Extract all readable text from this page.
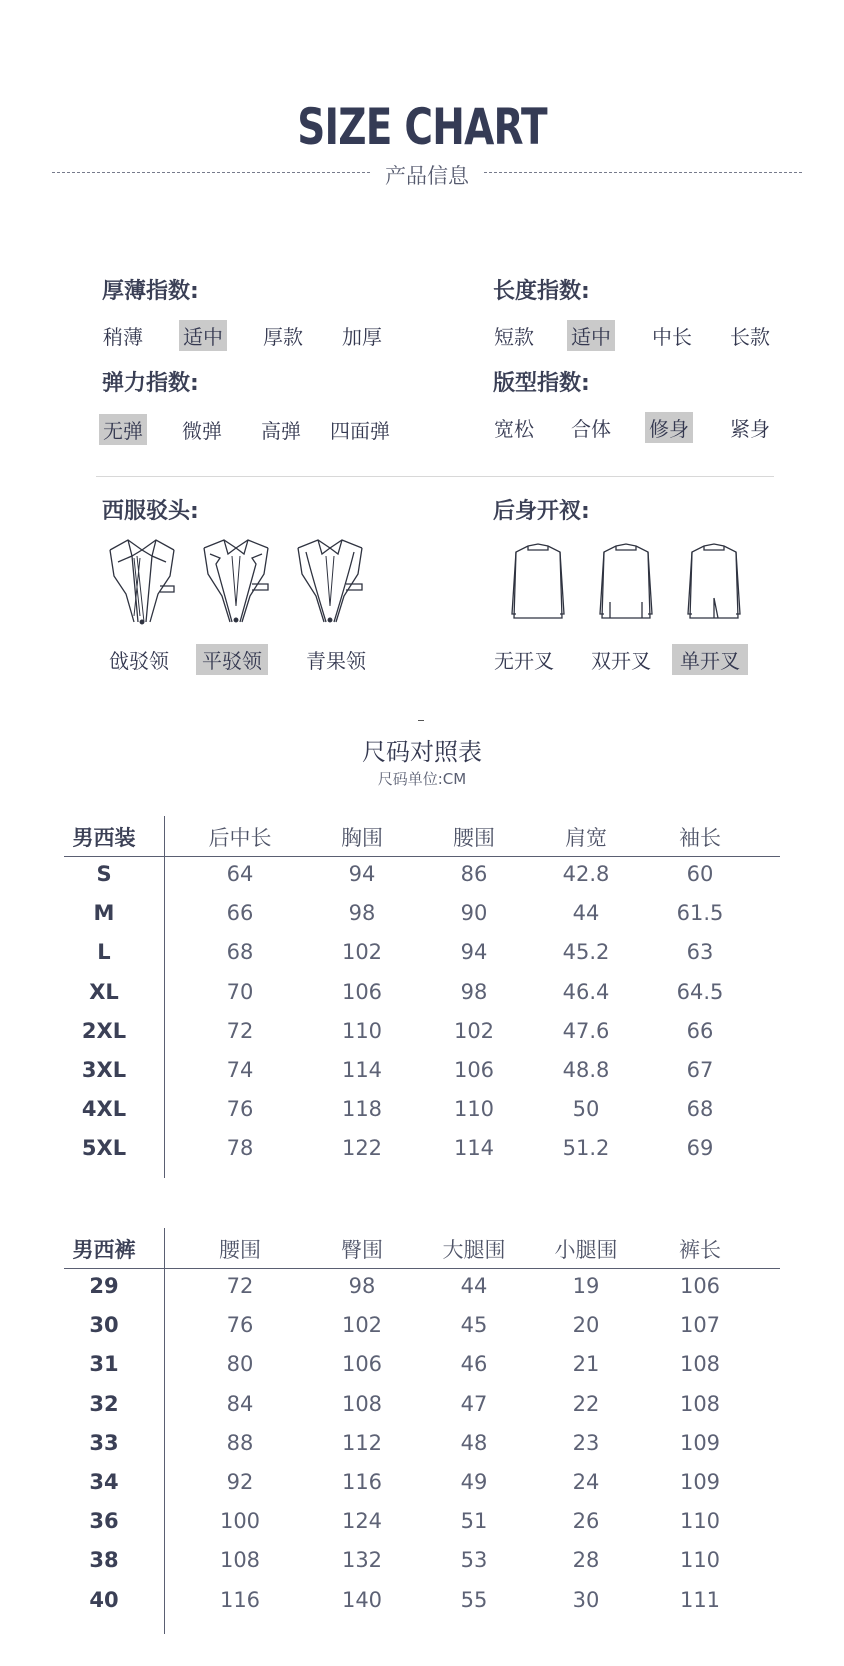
SIZE CHART
产品信息
厚薄指数:
稍薄 适中 厚款 加厚
长度指数:
短款 适中 中长 长款
弹力指数:
无弹 微弹 高弹 四面弹
版型指数:
宽松 合体 修身 紧身
西服驳头:
戗驳领	平驳领	青果领
后身开衩:
无开叉 双开叉	单开叉
尺码对照表
尺码单位:CM
男西装	后中长	胸围	腰围	肩宽	袖长
S	64	94	86	42.8	60
M	66	98	90	44	61.5
L	68	102	94	45.2	63
XL	70	106	98	46.4	64.5
2XL	72	110	102	47.6	66
3XL	74	114	106	48.8	67
4XL	76	118	110	50	68
5XL	78	122	114	51.2	69
男西裤	腰围	臀围	大腿围	小腿围	裤长
29	72	98	44	19	106
30	76	102	45	20	107
31	80	106	46	21	108
32	84	108	47	22	108
33	88	112	48	23	109
34	92	116	49	24	109
36	100	124	51	26	110
38	108	132	53	28	110
40	116	140	55	30	111
